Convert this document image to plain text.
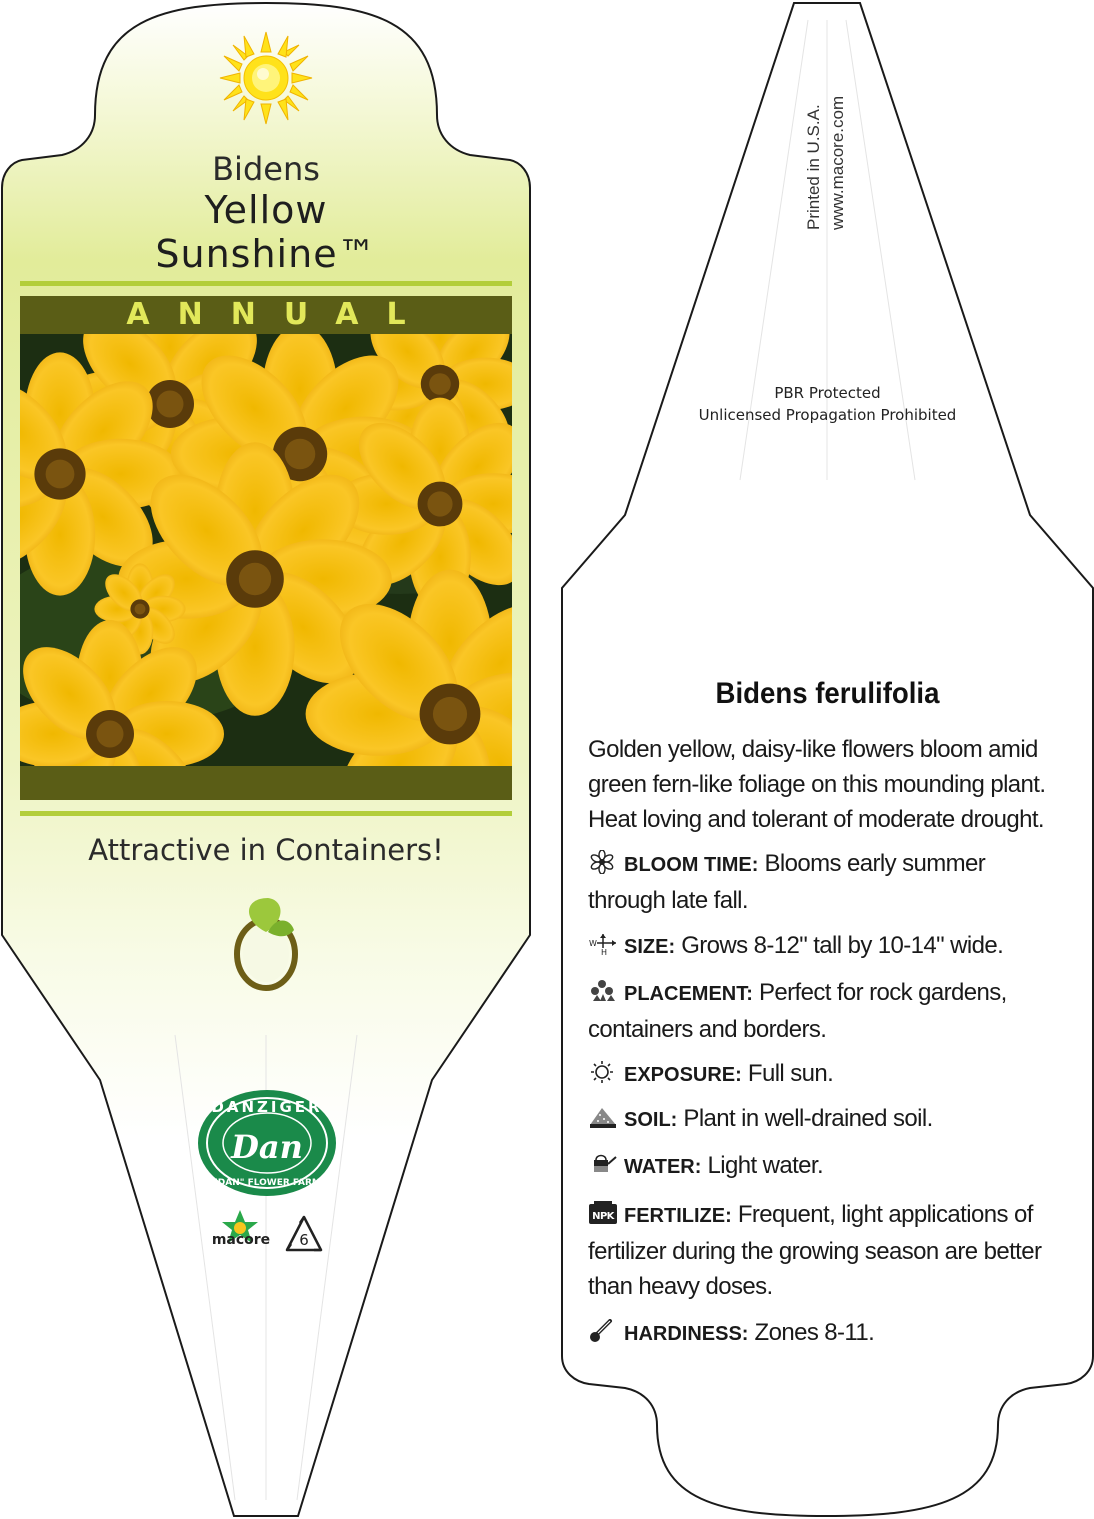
Bidens
Yellow
Sunshine™
ANNUAL
Attractive in Containers!
DANZIGER
Dan
"DAN" FLOWER FARM
macore 6
Printed in U.S.A. www.macore.com
PBR Protected
Unlicensed Propagation Prohibited
Bidens ferulifolia
Golden yellow, daisy-like flowers bloom amid green fern-like foliage on this mounding plant. Heat loving and tolerant of moderate drought.
BLOOM TIME: Blooms early summer through late fall.
W
H SIZE: Grows 8-12" tall by 10-14" wide.
PLACEMENT: Perfect for rock gardens, containers and borders.
EXPOSURE: Full sun.
SOIL: Plant in well-drained soil.
WATER: Light water.
NPK FERTILIZE: Frequent, light applications of fertilizer during the growing season are better than heavy doses.
HARDINESS: Zones 8-11.
